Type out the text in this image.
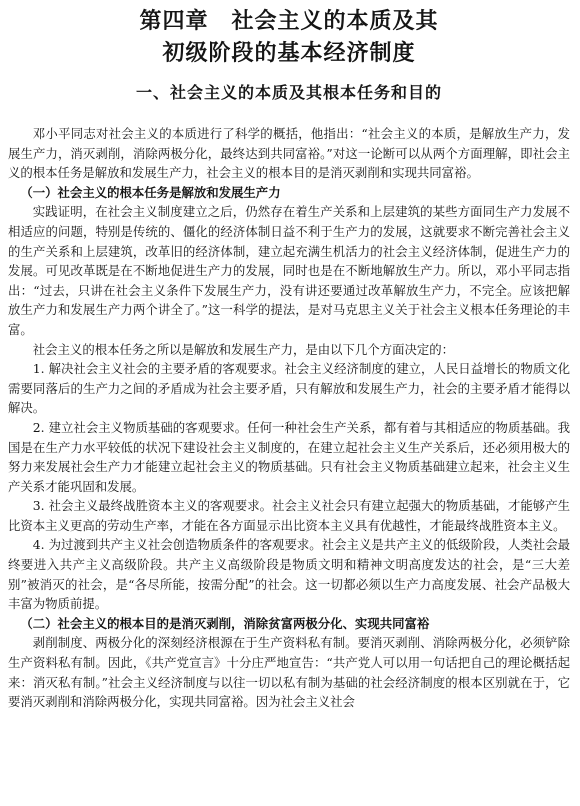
第四章　社会主义的本质及其
初级阶段的基本经济制度
一、社会主义的本质及其根本任务和目的

邓小平同志对社会主义的本质进行了科学的概括，他指出：“社会主义的本质，是解放生产力，发展生产力，消灭剥削，消除两极分化，最终达到共同富裕。”对这一论断可以从两个方面理解，即社会主义的根本任务是解放和发展生产力，社会主义的根本目的是消灭剥削和实现共同富裕。

（一）社会主义的根本任务是解放和发展生产力

实践证明，在社会主义制度建立之后，仍然存在着生产关系和上层建筑的某些方面同生产力发展不相适应的问题，特别是传统的、僵化的经济体制日益不利于生产力的发展，这就要求不断完善社会主义的生产关系和上层建筑，改革旧的经济体制，建立起充满生机活力的社会主义经济体制，促进生产力的发展。可见改革既是在不断地促进生产力的发展，同时也是在不断地解放生产力。所以，邓小平同志指出：“过去，只讲在社会主义条件下发展生产力，没有讲还要通过改革解放生产力，不完全。应该把解放生产力和发展生产力两个讲全了。”这一科学的提法，是对马克思主义关于社会主义根本任务理论的丰富。

社会主义的根本任务之所以是解放和发展生产力，是由以下几个方面决定的：

1. 解决社会主义社会的主要矛盾的客观要求。社会主义经济制度的建立，人民日益增长的物质文化需要同落后的生产力之间的矛盾成为社会主要矛盾，只有解放和发展生产力，社会的主要矛盾才能得以解决。

2. 建立社会主义物质基础的客观要求。任何一种社会生产关系，都有着与其相适应的物质基础。我国是在生产力水平较低的状况下建设社会主义制度的，在建立起社会主义生产关系后，还必须用极大的努力来发展社会生产力才能建立起社会主义的物质基础。只有社会主义物质基础建立起来，社会主义生产关系才能巩固和发展。

3. 社会主义最终战胜资本主义的客观要求。社会主义社会只有建立起强大的物质基础，才能够产生比资本主义更高的劳动生产率，才能在各方面显示出比资本主义具有优越性，才能最终战胜资本主义。

4. 为过渡到共产主义社会创造物质条件的客观要求。社会主义是共产主义的低级阶段，人类社会最终要进入共产主义高级阶段。共产主义高级阶段是物质文明和精神文明高度发达的社会，是“三大差别”被消灭的社会，是“各尽所能，按需分配”的社会。这一切都必须以生产力高度发展、社会产品极大丰富为物质前提。

（二）社会主义的根本目的是消灭剥削，消除贫富两极分化、实现共同富裕

剥削制度、两极分化的深刻经济根源在于生产资料私有制。要消灭剥削、消除两极分化，必须铲除生产资料私有制。因此，《共产党宣言》十分庄严地宣告：“共产党人可以用一句话把自己的理论概括起来：消灭私有制。”社会主义经济制度与以往一切以私有制为基础的社会经济制度的根本区别就在于，它要消灭剥削和消除两极分化，实现共同富裕。因为社会主义社会
